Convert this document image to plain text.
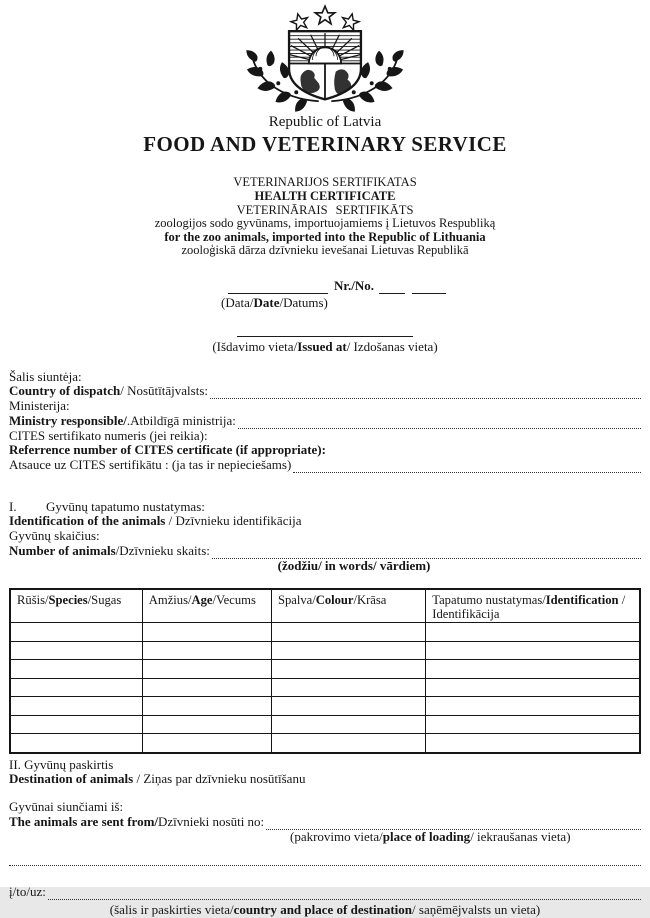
Republic of Latvia
FOOD AND VETERINARY SERVICE
VETERINARIJOS SERTIFIKATAS
HEALTH CERTIFICATE
VETERINĀRAIS SERTIFIKĀTS
zoologijos sodo gyvūnams, importuojamiems į Lietuvos Respubliką
for the zoo animals, imported into the Republic of Lithuania
zooloģiskā dārza dzīvnieku ievešanai Lietuvas Republikā
Nr./No.
(Data/Date/Datums)
(Išdavimo vieta/Issued at/ Izdošanas vieta)
Šalis siuntėja:
Country of dispatch / Nosūtītājvalsts:
Ministerija:
Ministry responsible/ .Atbildīgā ministrija:
CITES sertifikato numeris (jei reikia):
Referrence number of CITES certificate (if appropriate):
Atsauce uz CITES sertifikātu : (ja tas ir nepieciešams)
I. Gyvūnų tapatumo nustatymas:
Identification of the animals / Dzīvnieku identifikācija
Gyvūnų skaičius:
Number of animals /Dzīvnieku skaits:
(žodžiu/ in words/ vārdiem)
Rūšis/Species/Sugas	Amžius/Age/Vecums	Spalva/Colour/Krāsa	Tapatumo nustatymas/Identification / Identifikācija

II. Gyvūnų paskirtis
Destination of animals / Ziņas par dzīvnieku nosūtīšanu
Gyvūnai siunčiami iš:
The animals are sent from/ Dzīvnieki nosūti no:
(pakrovimo vieta/place of loading/ iekraušanas vieta)
į/to/uz:
(šalis ir paskirties vieta/country and place of destination/ saņēmējvalsts un vieta)
